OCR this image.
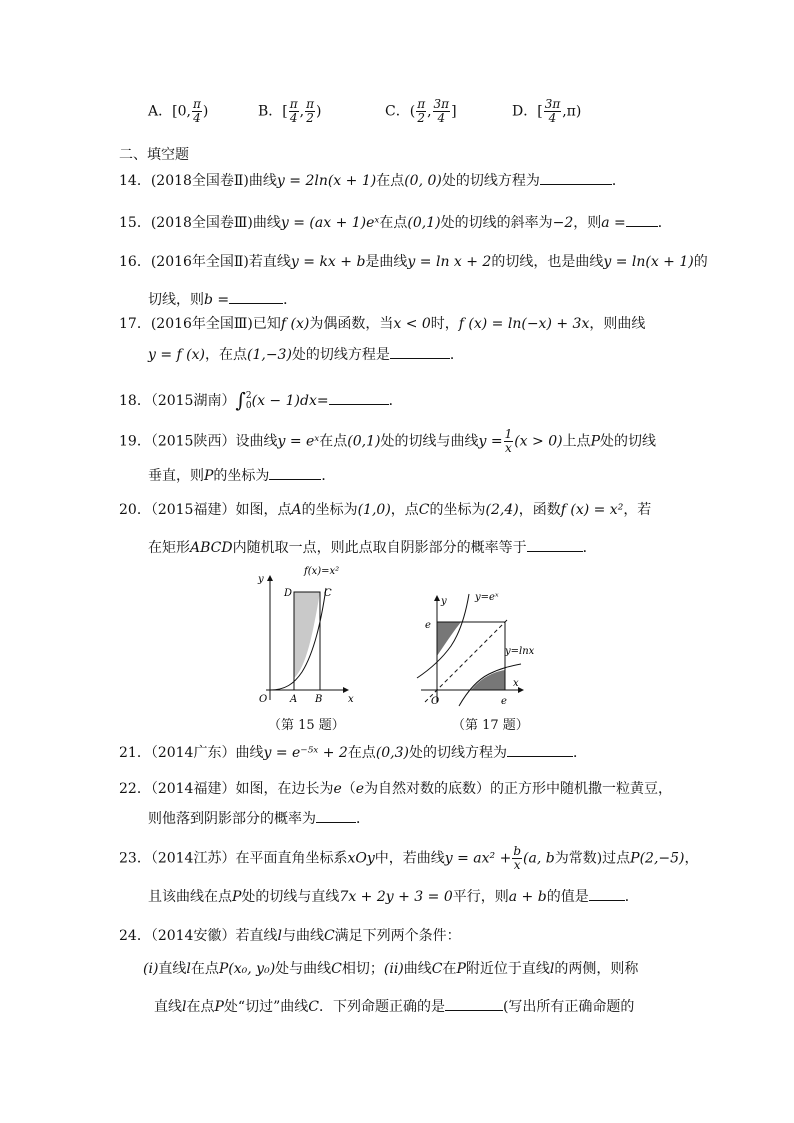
A．[0, $\frac{\pi}{4}$ )	B．[ $\frac{\pi}{4}$ , $\frac{\pi}{2}$ )	C．( $\frac{\pi}{2}$ , $\frac{3\pi}{4}$ ]	D．[ $\frac{3\pi}{4} ,\pi$)
二、填空题
14．(2018全国卷Ⅱ)曲线y = 2ln(x + 1)在点(0, 0)处的切线方程为	．
15．(2018全国卷Ⅲ)曲线y = (ax + 1)eˣ在点(0,1)处的切线的斜率为−2，则a = ．
16．(2016年全国Ⅱ)若直线y = kx + b是曲线y = ln x + 2的切线，也是曲线y = ln(x + 1)的
切线，则b =	．
17．(2016年全国Ⅲ)已知f (x)为偶函数，当x < 0时，f (x) = ln(−x) + 3x，则曲线
y = f (x)，在点(1,−3)处的切线方程是	．
18．（2015湖南）∫ 2
0 (x − 1)dx=	．
19．（2015陕西）设曲线y = eˣ在点(0,1)处的切线与曲线$y = \frac{1}{x} (x > 0)$上点P处的切线
垂直，则P的坐标为	．
20．（2015福建）如图，点A的坐标为(1,0)，点C的坐标为(2,4)，函数f (x) = x²，若
在矩形ABCD内随机取一点，则此点取自阴影部分的概率等于	．
f(x)=x²
y
x
O A B
D	C
（第 15 题）
y=eˣ
y=lnx
y
x
O
e
e
（第 17 题）
21．（2014广东）曲线y = e⁻⁵ˣ + 2在点(0,3)处的切线方程为	．
22．（2014福建）如图，在边长为e（e为自然对数的底数）的正方形中随机撒一粒黄豆，
则他落到阴影部分的概率为	．
23．（2014江苏）在平面直角坐标系xOy中，若曲线$y = ax^2 + \frac{b}{x} (a$, b为常数)过点P(2,−5)，
且该曲线在点P处的切线与直线7x + 2y + 3 = 0平行，则a + b的值是	．
24．（2014安徽）若直线l与曲线C满足下列两个条件：
(i)直线l在点P(x₀, y₀)处与曲线C相切；(ii)曲线C在P附近位于直线l的两侧，则称
直线l在点P处“切过”曲线C．下列命题正确的是	(写出所有正确命题的
